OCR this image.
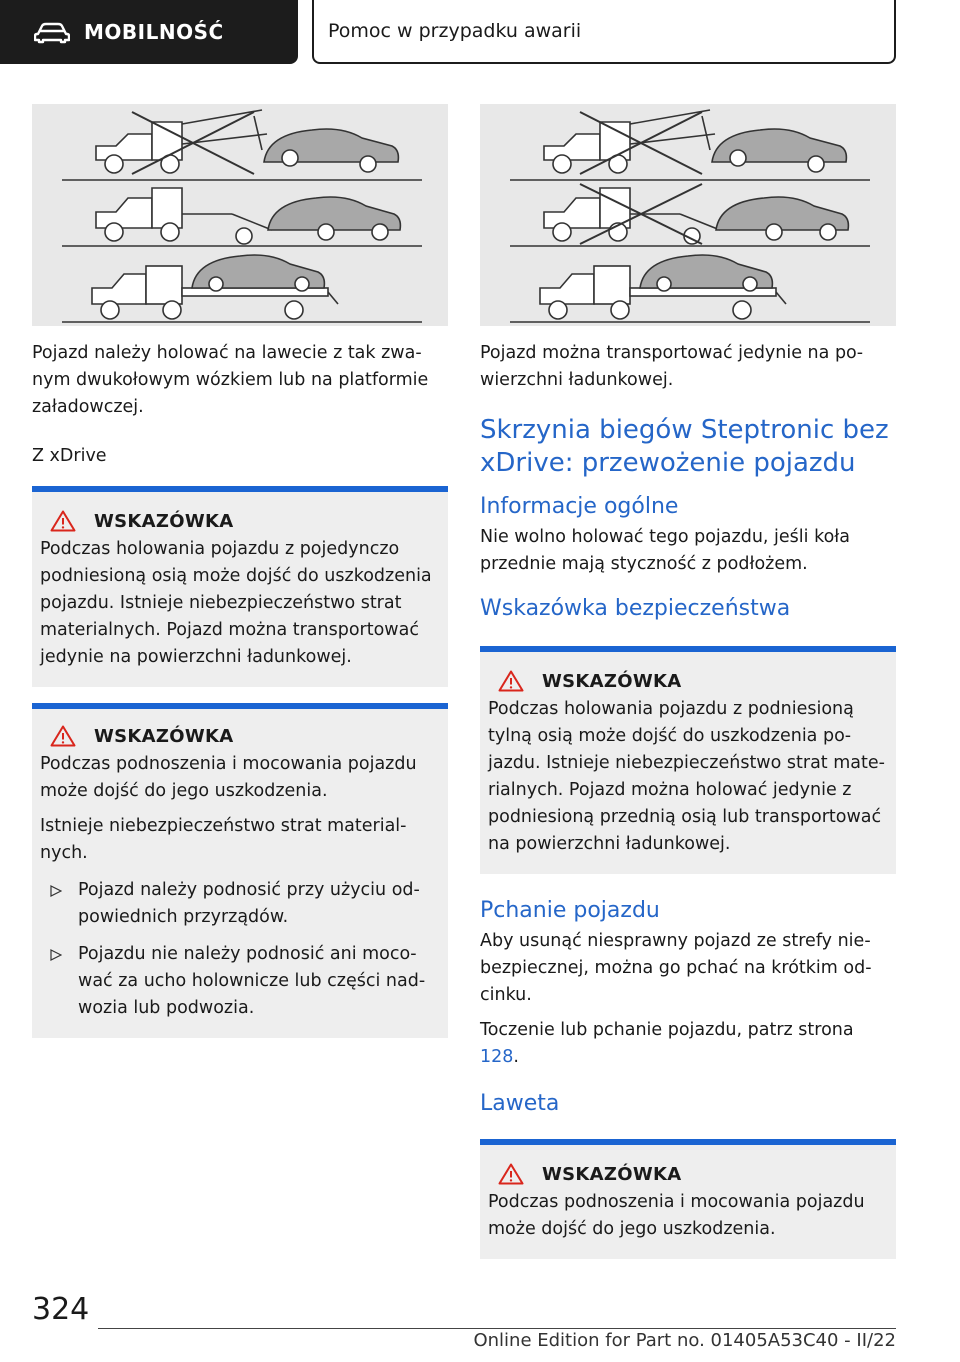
MOBILNOŚĆ	Pomoc w przypadku awarii

Pojazd należy holować na lawecie z tak zwanym dwukołowym wózkiem lub na platformie załadowczej.

Z xDrive

WSKAZÓWKA

Podczas holowania pojazdu z pojedynczo podniesioną osią może dojść do uszkodzenia pojazdu. Istnieje niebezpieczeństwo strat materialnych. Pojazd można transportować jedynie na powierzchni ładunkowej.

WSKAZÓWKA

Podczas podnoszenia i mocowania pojazdu może dojść do jego uszkodzenia.

Istnieje niebezpieczeństwo strat materialnych.

Pojazd należy podnosić przy użyciu odpowiednich przyrządów.

Pojazdu nie należy podnosić ani mocować za ucho holownicze lub części nadwozia lub podwozia.

Pojazd można transportować jedynie na powierzchni ładunkowej.

Skrzynia biegów Steptronic bez xDrive: przewożenie pojazdu
Informacje ogólne

Nie wolno holować tego pojazdu, jeśli koła przednie mają styczność z podłożem.

Wskazówka bezpieczeństwa
WSKAZÓWKA

Podczas holowania pojazdu z podniesioną tylną osią może dojść do uszkodzenia pojazdu. Istnieje niebezpieczeństwo strat materialnych. Pojazd można holować jedynie z podniesioną przednią osią lub transportować na powierzchni ładunkowej.

Pchanie pojazdu

Aby usunąć niesprawny pojazd ze strefy niebezpiecznej, można go pchać na krótkim odcinku.

Toczenie lub pchanie pojazdu, patrz strona 128.

Laweta
WSKAZÓWKA

Podczas podnoszenia i mocowania pojazdu może dojść do jego uszkodzenia.

324
Online Edition for Part no. 01405A53C40 - II/22
